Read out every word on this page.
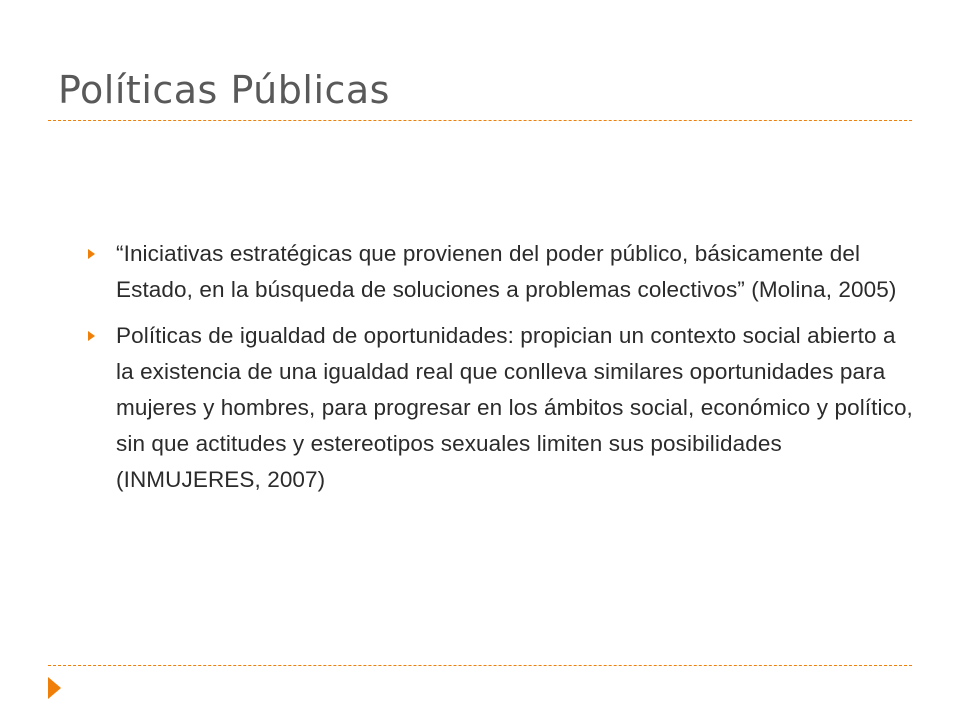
Políticas Públicas
“Iniciativas estratégicas que provienen del poder público, básicamente del Estado, en la búsqueda de soluciones a problemas colectivos” (Molina, 2005)
Políticas de igualdad de oportunidades: propician un contexto social abierto a la existencia de una igualdad real que conlleva similares oportunidades para mujeres y hombres, para progresar en los ámbitos social, económico y político, sin que actitudes y estereotipos sexuales limiten sus posibilidades (INMUJERES, 2007)
